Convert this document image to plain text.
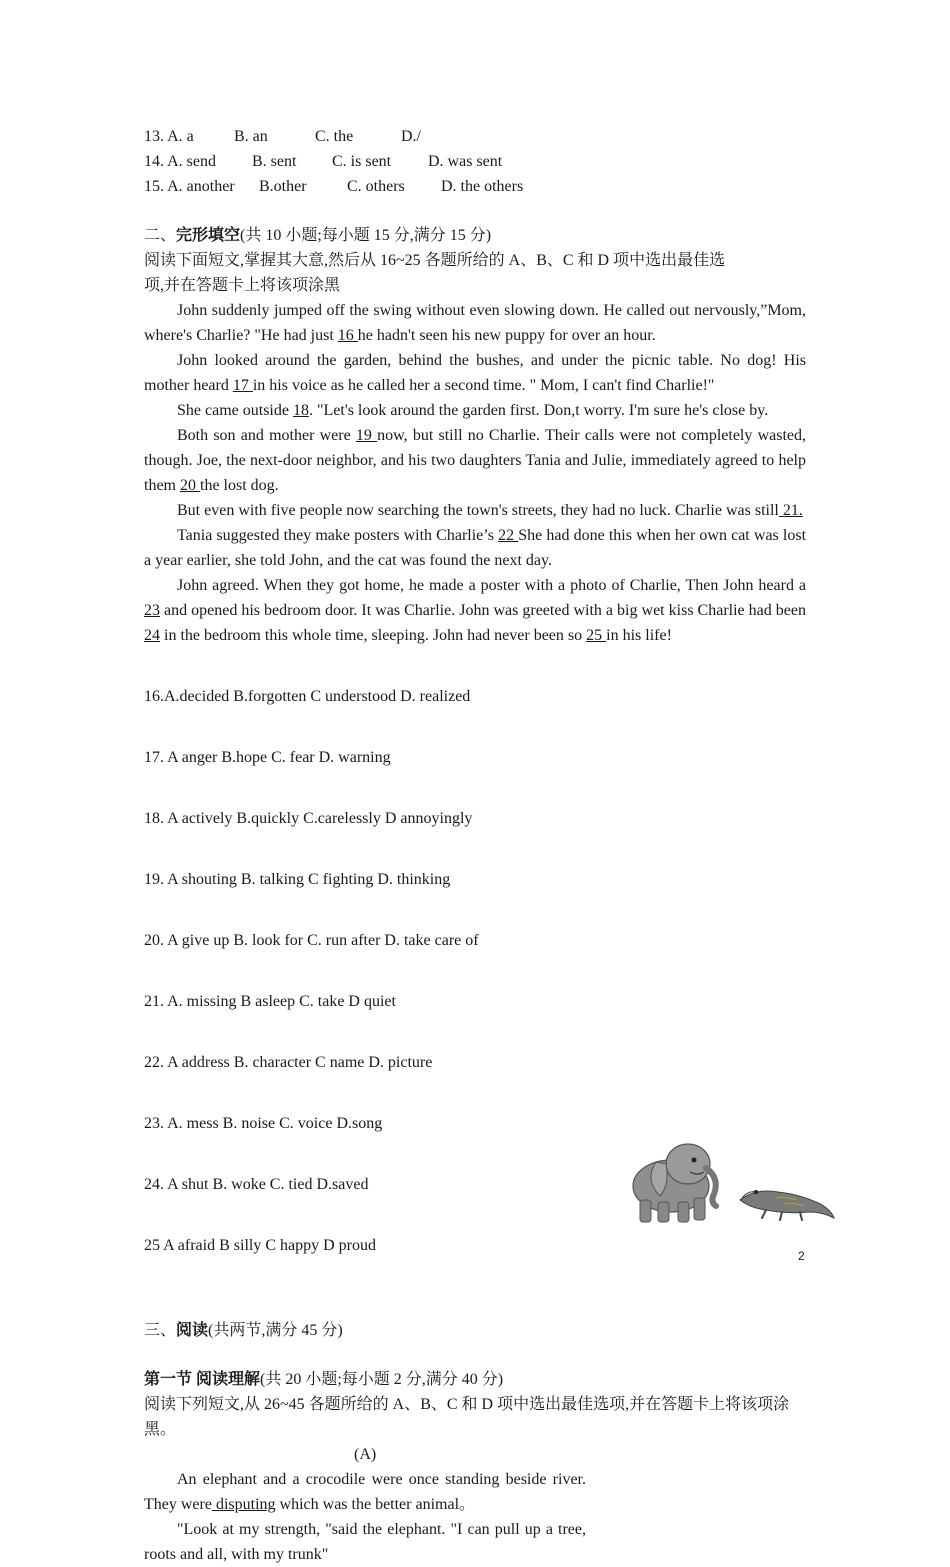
13. A. a	B. an	C. the	D./
14. A. send B. sent C. is sent D. was sent
15. A. another B.other	C. others D. the others
二、完形填空(共 10 小题;每小题 15 分,满分 15 分)
阅读下面短文,掌握其大意,然后从 16~25 各题所给的 A、B、C 和 D 项中选出最佳选
项,并在答题卡上将该项涂黑

John suddenly jumped off the swing without even slowing down. He called out nervously,”Mom, where's Charlie? "He had just 16 he hadn't seen his new puppy for over an hour.

John looked around the garden, behind the bushes, and under the picnic table. No dog! His mother heard 17 in his voice as he called her a second time. " Mom, I can't find Charlie!"

She came outside 18. "Let's look around the garden first. Don,t worry. I'm sure he's close by.

Both son and mother were 19 now, but still no Charlie. Their calls were not completely wasted, though. Joe, the next-door neighbor, and his two daughters Tania and Julie, immediately agreed to help them 20 the lost dog.

But even with five people now searching the town's streets, they had no luck. Charlie was still 21.

Tania suggested they make posters with Charlie’s 22 She had done this when her own cat was lost a year earlier, she told John, and the cat was found the next day.

John agreed. When they got home, he made a poster with a photo of Charlie, Then John heard a 23 and opened his bedroom door. It was Charlie. John was greeted with a big wet kiss Charlie had been 24 in the bedroom this whole time, sleeping. John had never been so 25 in his life!

16.A.decided B.forgotten C understood D. realized

17. A anger B.hope C. fear D. warning

18. A actively B.quickly C.carelessly D annoyingly

19. A shouting B. talking C fighting D. thinking

20. A give up B. look for C. run after D. take care of

21. A. missing B asleep C. take D quiet

22. A address B. character C name D. picture

23. A. mess B. noise C. voice D.song

24. A shut B. woke C. tied D.saved

25 A afraid B silly C happy D proud

三、阅读(共两节,满分 45 分)
第一节 阅读理解(共 20 小题;每小题 2 分,满分 40 分)
阅读下列短文,从 26~45 各题所给的 A、B、C 和 D 项中选出最佳选项,并在答题卡上将该项涂黑。
(A)

An elephant and a crocodile were once standing beside river. They were disputing which was the better animal。

"Look at my strength, "said the elephant. "I can pull up a tree, roots and all, with my trunk"

2
